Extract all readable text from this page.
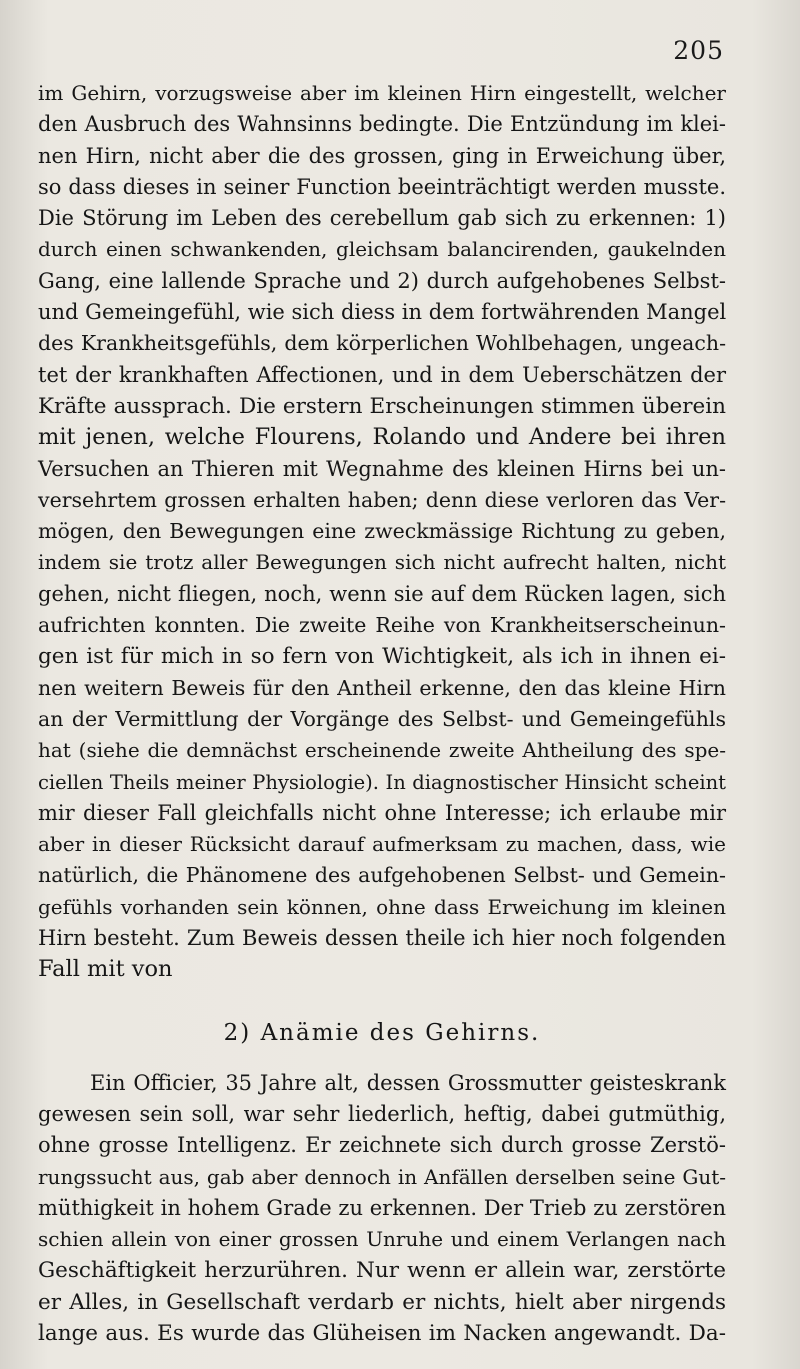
205
im Gehirn, vorzugsweise aber im kleinen Hirn eingestellt, welcher
den Ausbruch des Wahnsinns bedingte. Die Entzündung im klei-
nen Hirn, nicht aber die des grossen, ging in Erweichung über,
so dass dieses in seiner Function beeinträchtigt werden musste.
Die Störung im Leben des cerebellum gab sich zu erkennen: 1)
durch einen schwankenden, gleichsam balancirenden, gaukelnden
Gang, eine lallende Sprache und 2) durch aufgehobenes Selbst-
und Gemeingefühl, wie sich diess in dem fortwährenden Mangel
des Krankheitsgefühls, dem körperlichen Wohlbehagen, ungeach-
tet der krankhaften Affectionen, und in dem Ueberschätzen der
Kräfte aussprach. Die erstern Erscheinungen stimmen überein
mit jenen, welche Flourens, Rolando und Andere bei ihren
Versuchen an Thieren mit Wegnahme des kleinen Hirns bei un-
versehrtem grossen erhalten haben; denn diese verloren das Ver-
mögen, den Bewegungen eine zweckmässige Richtung zu geben,
indem sie trotz aller Bewegungen sich nicht aufrecht halten, nicht
gehen, nicht fliegen, noch, wenn sie auf dem Rücken lagen, sich
aufrichten konnten. Die zweite Reihe von Krankheitserscheinun-
gen ist für mich in so fern von Wichtigkeit, als ich in ihnen ei-
nen weitern Beweis für den Antheil erkenne, den das kleine Hirn
an der Vermittlung der Vorgänge des Selbst- und Gemeingefühls
hat (siehe die demnächst erscheinende zweite Ahtheilung des spe-
ciellen Theils meiner Physiologie). In diagnostischer Hinsicht scheint
mir dieser Fall gleichfalls nicht ohne Interesse; ich erlaube mir
aber in dieser Rücksicht darauf aufmerksam zu machen, dass, wie
natürlich, die Phänomene des aufgehobenen Selbst- und Gemein-
gefühls vorhanden sein können, ohne dass Erweichung im kleinen
Hirn besteht. Zum Beweis dessen theile ich hier noch folgenden
Fall mit von
2) Anämie des Gehirns.
Ein Officier, 35 Jahre alt, dessen Grossmutter geisteskrank
gewesen sein soll, war sehr liederlich, heftig, dabei gutmüthig,
ohne grosse Intelligenz. Er zeichnete sich durch grosse Zerstö-
rungssucht aus, gab aber dennoch in Anfällen derselben seine Gut-
müthigkeit in hohem Grade zu erkennen. Der Trieb zu zerstören
schien allein von einer grossen Unruhe und einem Verlangen nach
Geschäftigkeit herzurühren. Nur wenn er allein war, zerstörte
er Alles, in Gesellschaft verdarb er nichts, hielt aber nirgends
lange aus. Es wurde das Glüheisen im Nacken angewandt. Da-
